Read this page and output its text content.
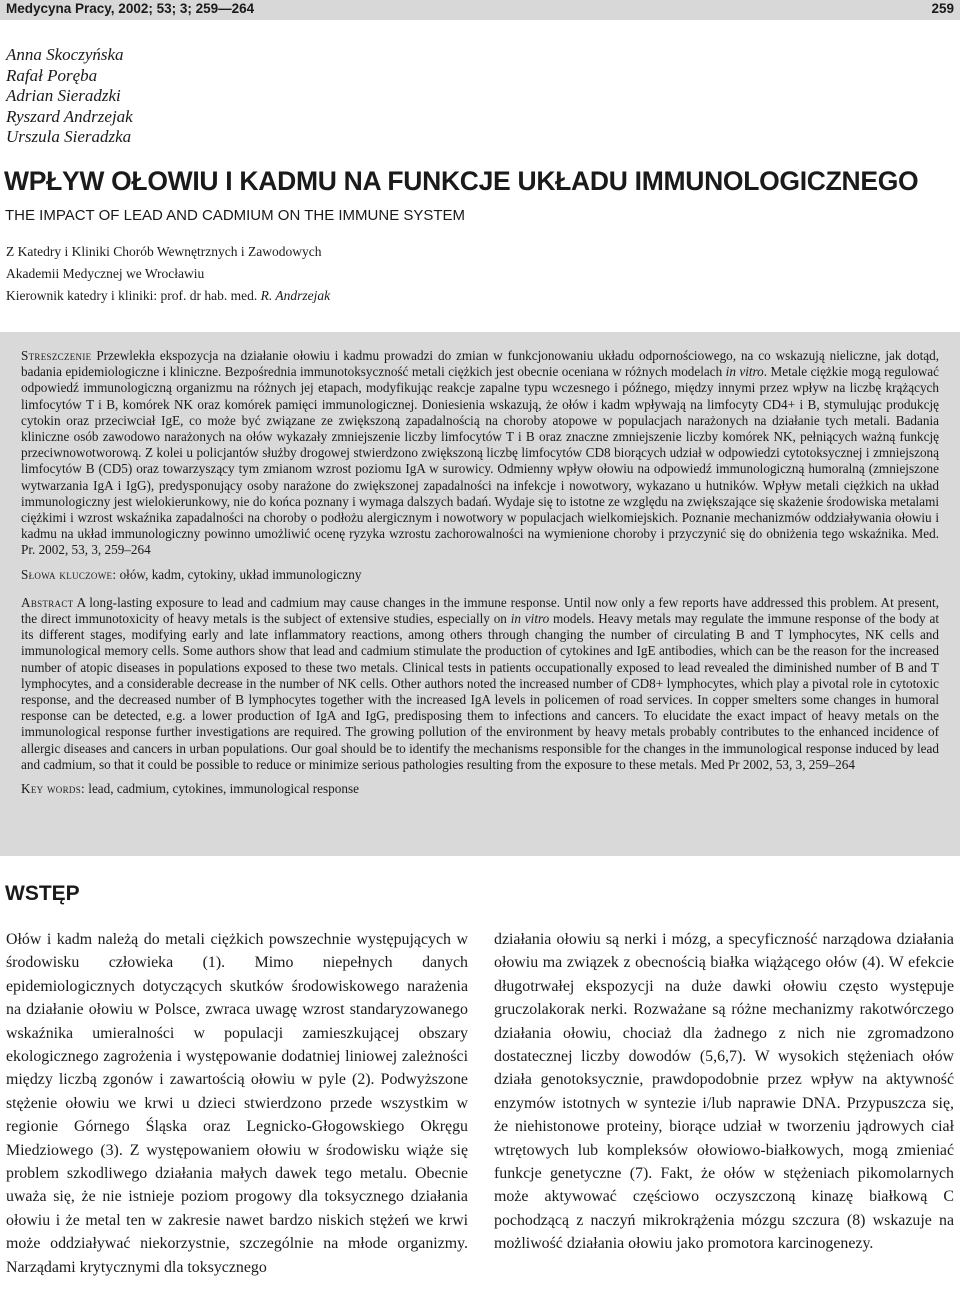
Medycyna Pracy, 2002; 53; 3; 259—264	259
Anna Skoczyńska
Rafał Poręba
Adrian Sieradzki
Ryszard Andrzejak
Urszula Sieradzka
WPŁYW OŁOWIU I KADMU NA FUNKCJE UKŁADU IMMUNOLOGICZNEGO
THE IMPACT OF LEAD AND CADMIUM ON THE IMMUNE SYSTEM
Z Katedry i Kliniki Chorób Wewnętrznych i Zawodowych
Akademii Medycznej we Wrocławiu
Kierownik katedry i kliniki: prof. dr hab. med. R. Andrzejak

Streszczenie Przewlekła ekspozycja na działanie ołowiu i kadmu prowadzi do zmian w funkcjonowaniu układu odpornościowego, na co wskazują nieliczne, jak dotąd, badania epidemiologiczne i kliniczne. Bezpośrednia immunotoksyczność metali ciężkich jest obecnie oceniana w różnych modelach in vitro. Metale ciężkie mogą regulować odpowiedź immunologiczną organizmu na różnych jej etapach, modyfikując reakcje zapalne typu wczesnego i późnego, między innymi przez wpływ na liczbę krążących limfocytów T i B, komórek NK oraz komórek pamięci immunologicznej. Doniesienia wskazują, że ołów i kadm wpływają na limfocyty CD4+ i B, stymulując produkcję cytokin oraz przeciwciał IgE, co może być związane ze zwiększoną zapadalnością na choroby atopowe w populacjach narażonych na działanie tych metali. Badania kliniczne osób zawodowo narażonych na ołów wykazały zmniejszenie liczby limfocytów T i B oraz znaczne zmniejszenie liczby komórek NK, pełniących ważną funkcję przeciwnowotworową. Z kolei u policjantów służby drogowej stwierdzono zwiększoną liczbę limfocytów CD8 biorących udział w odpowiedzi cytotoksycznej i zmniejszoną limfocytów B (CD5) oraz towarzyszący tym zmianom wzrost poziomu IgA w surowicy. Odmienny wpływ ołowiu na odpowiedź immunologiczną humoralną (zmniejszone wytwarzania IgA i IgG), predysponujący osoby narażone do zwiększonej zapadalności na infekcje i nowotwory, wykazano u hutników. Wpływ metali ciężkich na układ immunologiczny jest wielokierunkowy, nie do końca poznany i wymaga dalszych badań. Wydaje się to istotne ze względu na zwiększające się skażenie środowiska metalami ciężkimi i wzrost wskaźnika zapadalności na choroby o podłożu alergicznym i nowotwory w populacjach wielkomiejskich. Poznanie mechanizmów oddziaływania ołowiu i kadmu na układ immunologiczny powinno umożliwić ocenę ryzyka wzrostu zachorowalności na wymienione choroby i przyczynić się do obniżenia tego wskaźnika. Med. Pr. 2002, 53, 3, 259–264

Słowa kluczowe: ołów, kadm, cytokiny, układ immunologiczny

Abstract A long-lasting exposure to lead and cadmium may cause changes in the immune response. Until now only a few reports have addressed this problem. At present, the direct immunotoxicity of heavy metals is the subject of extensive studies, especially on in vitro models. Heavy metals may regulate the immune response of the body at its different stages, modifying early and late inflammatory reactions, among others through changing the number of circulating B and T lymphocytes, NK cells and immunological memory cells. Some authors show that lead and cadmium stimulate the production of cytokines and IgE antibodies, which can be the reason for the increased number of atopic diseases in populations exposed to these two metals. Clinical tests in patients occupationally exposed to lead revealed the diminished number of B and T lymphocytes, and a considerable decrease in the number of NK cells. Other authors noted the increased number of CD8+ lymphocytes, which play a pivotal role in cytotoxic response, and the decreased number of B lymphocytes together with the increased IgA levels in policemen of road services. In copper smelters some changes in humoral response can be detected, e.g. a lower production of IgA and IgG, predisposing them to infections and cancers. To elucidate the exact impact of heavy metals on the immunological response further investigations are required. The growing pollution of the environment by heavy metals probably contributes to the enhanced incidence of allergic diseases and cancers in urban populations. Our goal should be to identify the mechanisms responsible for the changes in the immunological response induced by lead and cadmium, so that it could be possible to reduce or minimize serious pathologies resulting from the exposure to these metals. Med Pr 2002, 53, 3, 259–264

Key words: lead, cadmium, cytokines, immunological response

WSTĘP

Ołów i kadm należą do metali ciężkich powszechnie występujących w środowisku człowieka (1). Mimo niepełnych danych epidemiologicznych dotyczących skutków środowiskowego narażenia na działanie ołowiu w Polsce, zwraca uwagę wzrost standaryzowanego wskaźnika umieralności w populacji zamieszkującej obszary ekologicznego zagrożenia i występowanie dodatniej liniowej zależności między liczbą zgonów i zawartością ołowiu w pyle (2). Podwyższone stężenie ołowiu we krwi u dzieci stwierdzono przede wszystkim w regionie Górnego Śląska oraz Legnicko-Głogowskiego Okręgu Miedziowego (3). Z występowaniem ołowiu w środowisku wiąże się problem szkodliwego działania małych dawek tego metalu. Obecnie uważa się, że nie istnieje poziom progowy dla toksycznego działania ołowiu i że metal ten w zakresie nawet bardzo niskich stężeń we krwi może oddziaływać niekorzystnie, szczególnie na młode organizmy. Narządami krytycznymi dla toksycznego

działania ołowiu są nerki i mózg, a specyficzność narządowa działania ołowiu ma związek z obecnością białka wiążącego ołów (4). W efekcie długotrwałej ekspozycji na duże dawki ołowiu często występuje gruczolakorak nerki. Rozważane są różne mechanizmy rakotwórczego działania ołowiu, chociaż dla żadnego z nich nie zgromadzono dostatecznej liczby dowodów (5,6,7). W wysokich stężeniach ołów działa genotoksycznie, prawdopodobnie przez wpływ na aktywność enzymów istotnych w syntezie i/lub naprawie DNA. Przypuszcza się, że niehistonowe proteiny, biorące udział w tworzeniu jądrowych ciał wtrętowych lub kompleksów ołowiowo-białkowych, mogą zmieniać funkcje genetyczne (7). Fakt, że ołów w stężeniach pikomolarnych może aktywować częściowo oczyszczoną kinazę białkową C pochodzącą z naczyń mikrokrążenia mózgu szczura (8) wskazuje na możliwość działania ołowiu jako promotora karcinogenezy.
